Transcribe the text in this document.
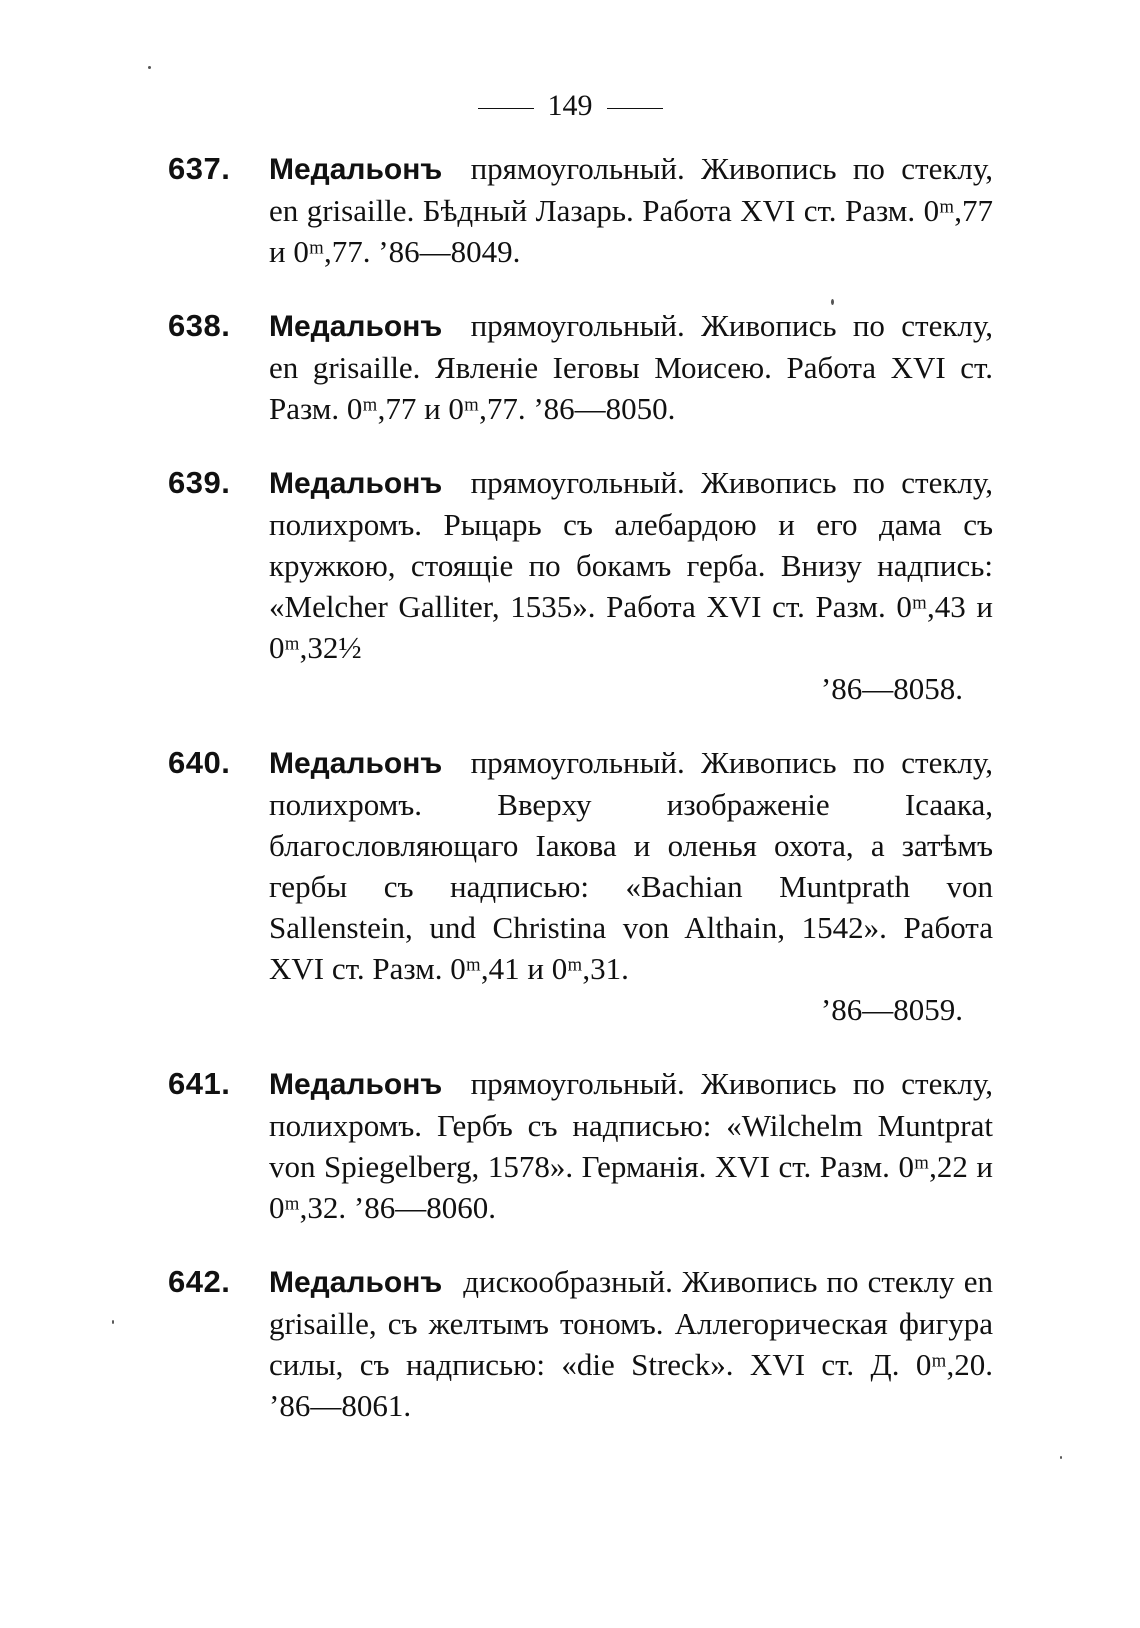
149
637.	Медальонъ прямоугольный. Живопись по стеклу, en grisaille. Бѣдный Лазарь. Работа XVI ст. Разм. 0ᵐ,77 и 0ᵐ,77. ’86—8049.
638.	Медальонъ прямоугольный. Живопись по стеклу, en grisaille. Явленіе Іеговы Моисею. Работа XVI ст. Разм. 0ᵐ,77 и 0ᵐ,77. ’86—8050.
639.	Медальонъ прямоугольный. Живопись по стеклу, полихромъ. Рыцарь съ алебардою и его дама съ кружкою, стоящіе по бокамъ герба. Внизу надпись: «Melcher Galliter, 1535». Работа XVI ст. Разм. 0ᵐ,43 и 0ᵐ,32½
’86—8058.
640.	Медальонъ прямоугольный. Живопись по стеклу, полихромъ. Вверху изображеніе Ісаака, благословляющаго Іакова и оленья охота, а затѣмъ гербы съ надписью: «Bachian Muntprath von Sallenstein, und Christina von Althain, 1542». Работа XVI ст. Разм. 0ᵐ,41 и 0ᵐ,31.
’86—8059.
641.	Медальонъ прямоугольный. Живопись по стеклу, полихромъ. Гербъ съ надписью: «Wilchelm Muntprat von Spiegelberg, 1578». Германія. XVI ст. Разм. 0ᵐ,22 и 0ᵐ,32. ’86—8060.
642.	Медальонъ дискообразный. Живопись по стеклу en grisaille, съ желтымъ тономъ. Аллегорическая фигура силы, съ надписью: «die Streck». XVI ст. Д. 0ᵐ,20. ’86—8061.
